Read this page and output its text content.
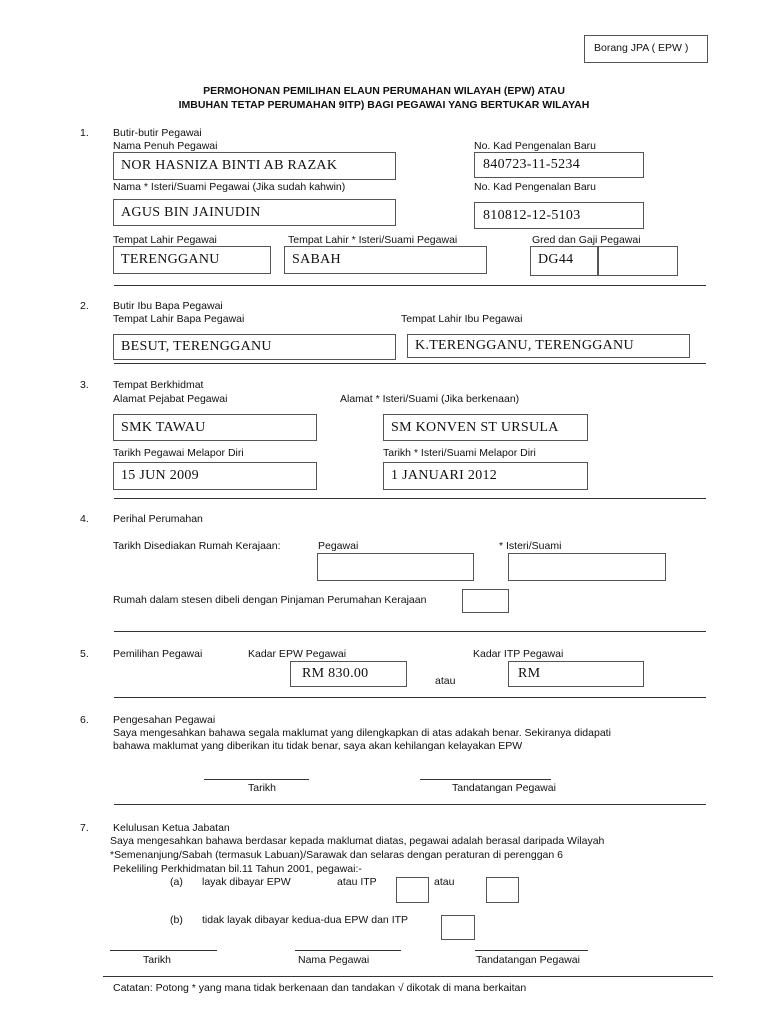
Borang JPA ( EPW )
PERMOHONAN PEMILIHAN ELAUN PERUMAHAN WILAYAH (EPW) ATAU
IMBUHAN TETAP PERUMAHAN 9ITP) BAGI PEGAWAI YANG BERTUKAR WILAYAH
1. Butir-butir Pegawai
Nama Penuh Pegawai	No. Kad Pengenalan Baru
NOR HASNIZA BINTI AB RAZAK	840723-11-5234
Nama * Isteri/Suami Pegawai (Jika sudah kahwin)	No. Kad Pengenalan Baru
AGUS BIN JAINUDIN	810812-12-5103
Tempat Lahir Pegawai	Tempat Lahir * Isteri/Suami Pegawai	Gred dan Gaji Pegawai
TERENGGANU	SABAH	DG44
2. Butir Ibu Bapa Pegawai
Tempat Lahir Bapa Pegawai	Tempat Lahir Ibu Pegawai
BESUT, TERENGGANU	K.TERENGGANU, TERENGGANU
3. Tempat Berkhidmat
Alamat Pejabat Pegawai	Alamat * Isteri/Suami (Jika berkenaan)
SMK TAWAU	SM KONVEN ST URSULA
Tarikh Pegawai Melapor Diri	Tarikh * Isteri/Suami Melapor Diri
15 JUN 2009	1 JANUARI 2012
4. Perihal Perumahan
Tarikh Disediakan Rumah Kerajaan:	Pegawai	* Isteri/Suami
Rumah dalam stesen dibeli dengan Pinjaman Perumahan Kerajaan
5. Pemilihan Pegawai	Kadar EPW Pegawai	Kadar ITP Pegawai
RM 830.00	atau	RM
6. Pengesahan Pegawai
Saya mengesahkan bahawa segala maklumat yang dilengkapkan di atas adakah benar. Sekiranya didapati
bahawa maklumat yang diberikan itu tidak benar, saya akan kehilangan kelayakan EPW
Tarikh	Tandatangan Pegawai
7. Kelulusan Ketua Jabatan
Saya mengesahkan bahawa berdasar kepada maklumat diatas, pegawai adalah berasal daripada Wilayah
*Semenanjung/Sabah (termasuk Labuan)/Sarawak dan selaras dengan peraturan di perenggan 6
Pekeliling Perkhidmatan bil.11 Tahun 2001, pegawai:-
(a) layak dibayar EPW	atau ITP	atau
(b) tidak layak dibayar kedua-dua EPW dan ITP
Tarikh	Nama Pegawai	Tandatangan Pegawai
Catatan: Potong * yang mana tidak berkenaan dan tandakan √ dikotak di mana berkaitan
